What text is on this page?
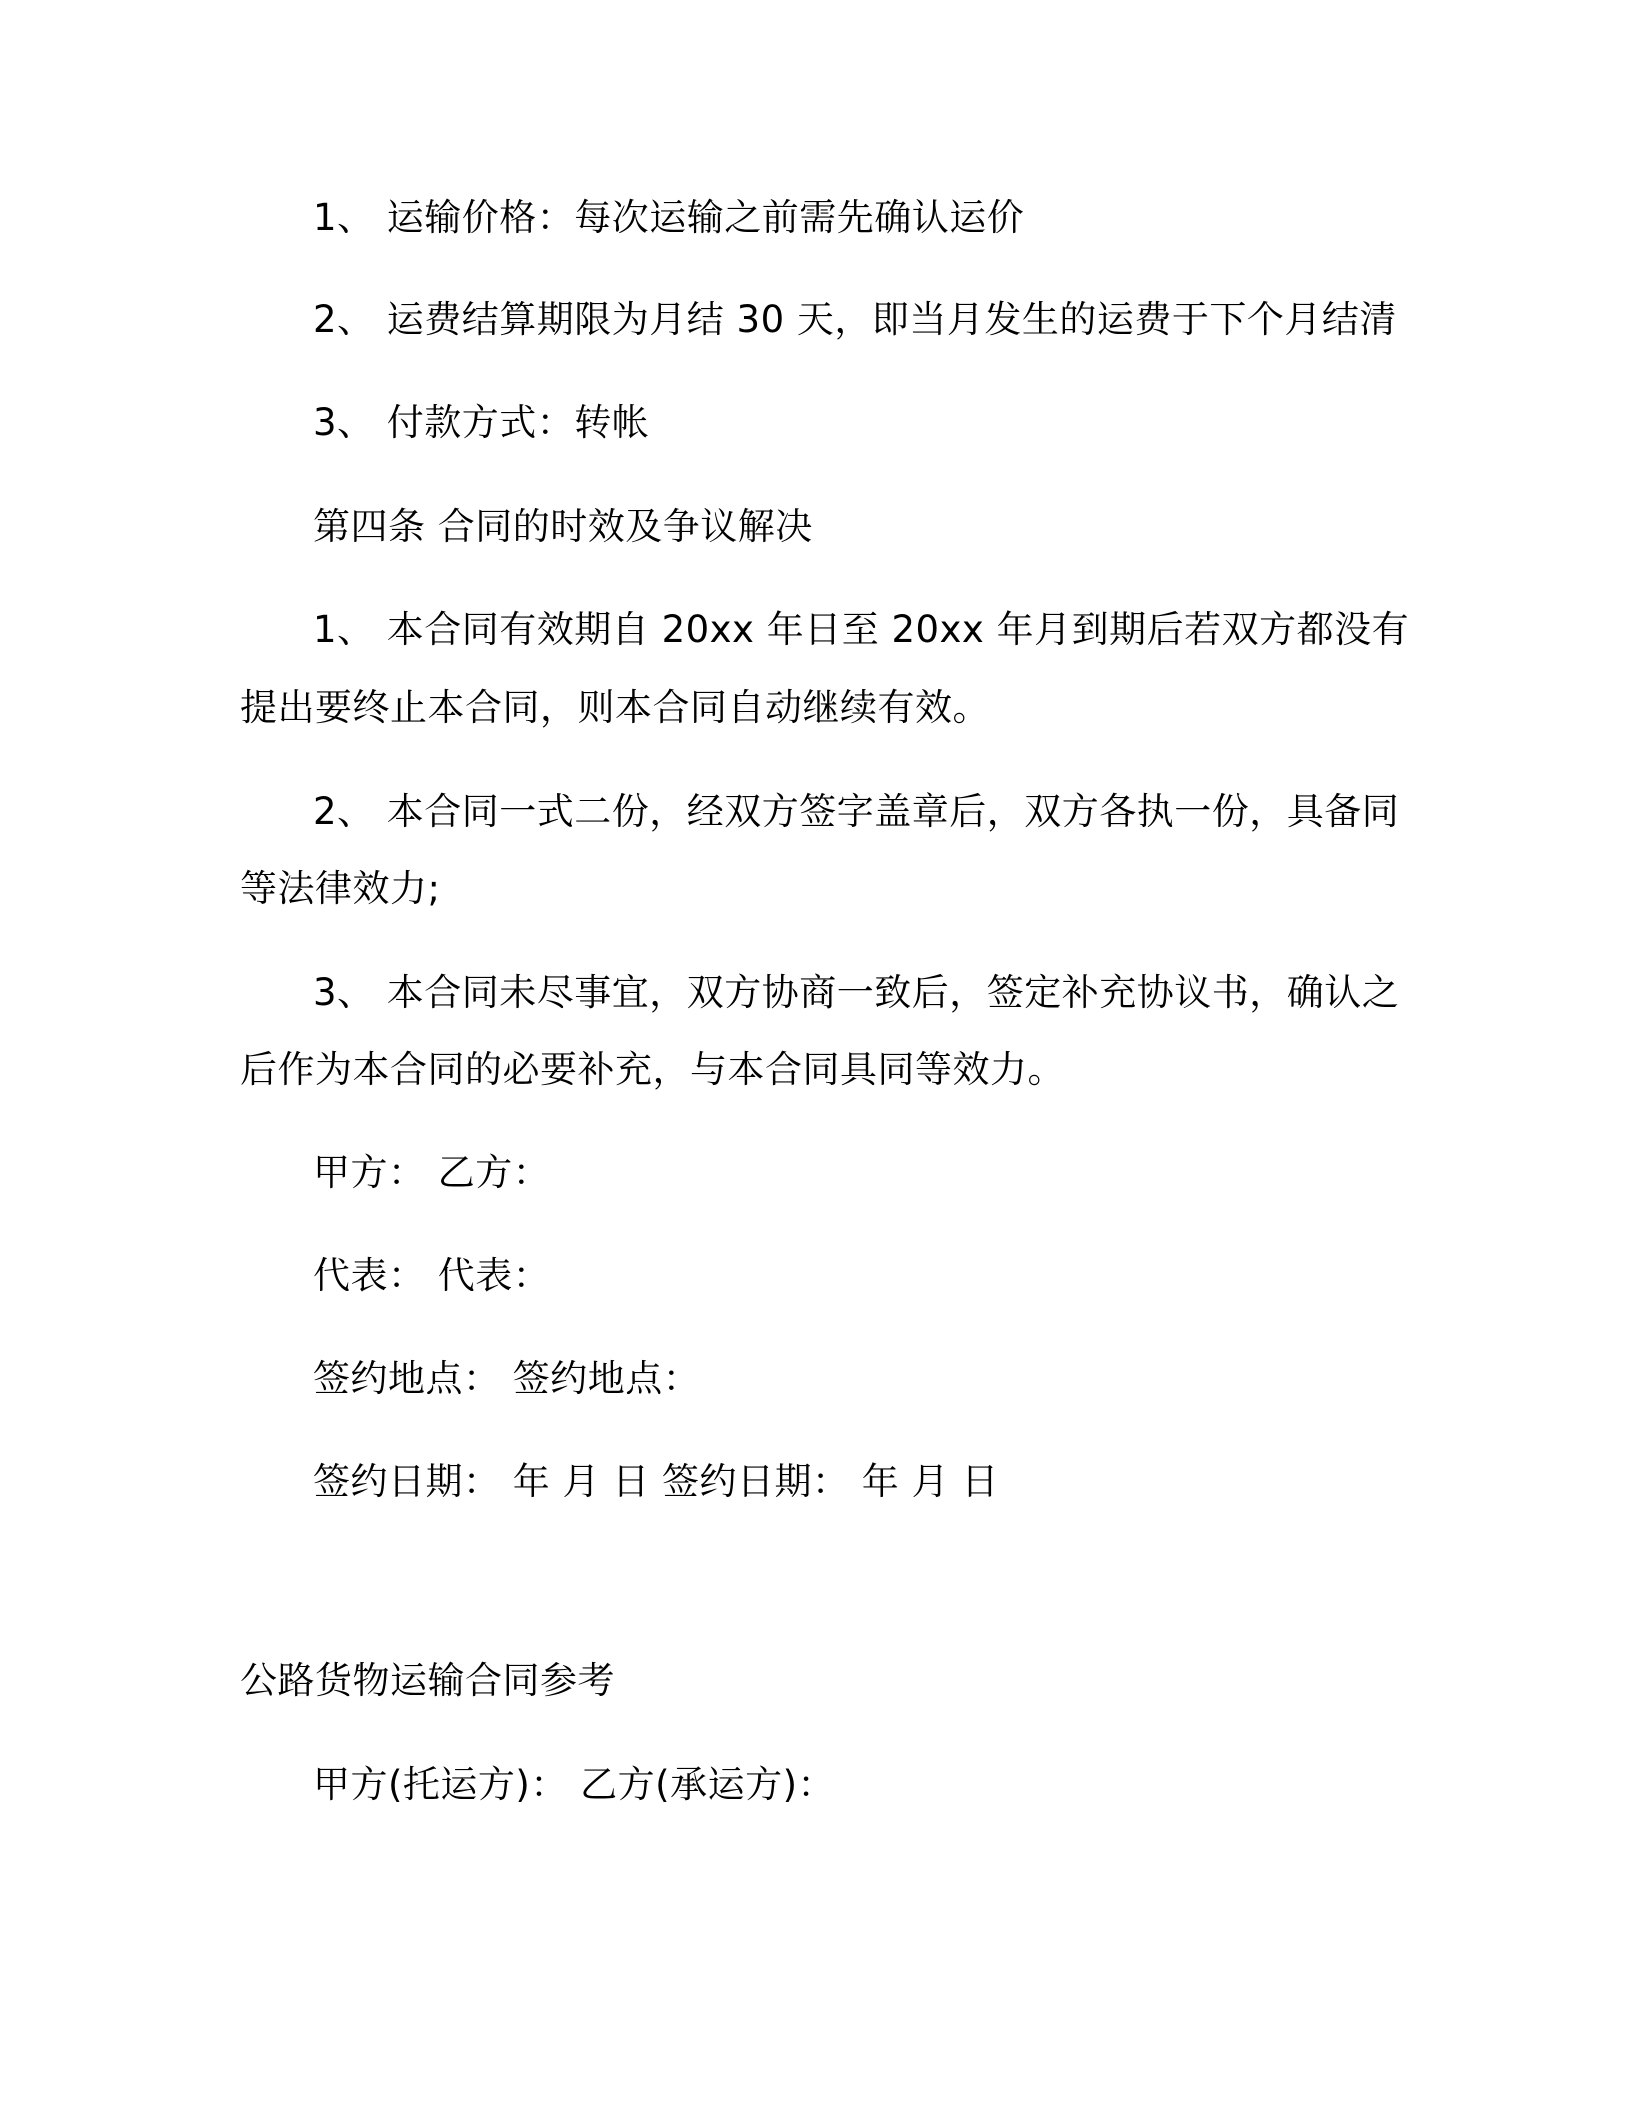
1、 运输价格：每次运输之前需先确认运价
2、 运费结算期限为月结 30 天，即当月发生的运费于下个月结清
3、 付款方式：转帐
第四条 合同的时效及争议解决
1、 本合同有效期自 20xx 年日至 20xx 年月到期后若双方都没有
提出要终止本合同，则本合同自动继续有效。
2、 本合同一式二份，经双方签字盖章后，双方各执一份，具备同
等法律效力;
3、 本合同未尽事宜，双方协商一致后，签定补充协议书，确认之
后作为本合同的必要补充，与本合同具同等效力。
甲方： 乙方：
代表： 代表：
签约地点： 签约地点：
签约日期： 年 月 日 签约日期： 年 月 日
公路货物运输合同参考
甲方(托运方)： 乙方(承运方)：
